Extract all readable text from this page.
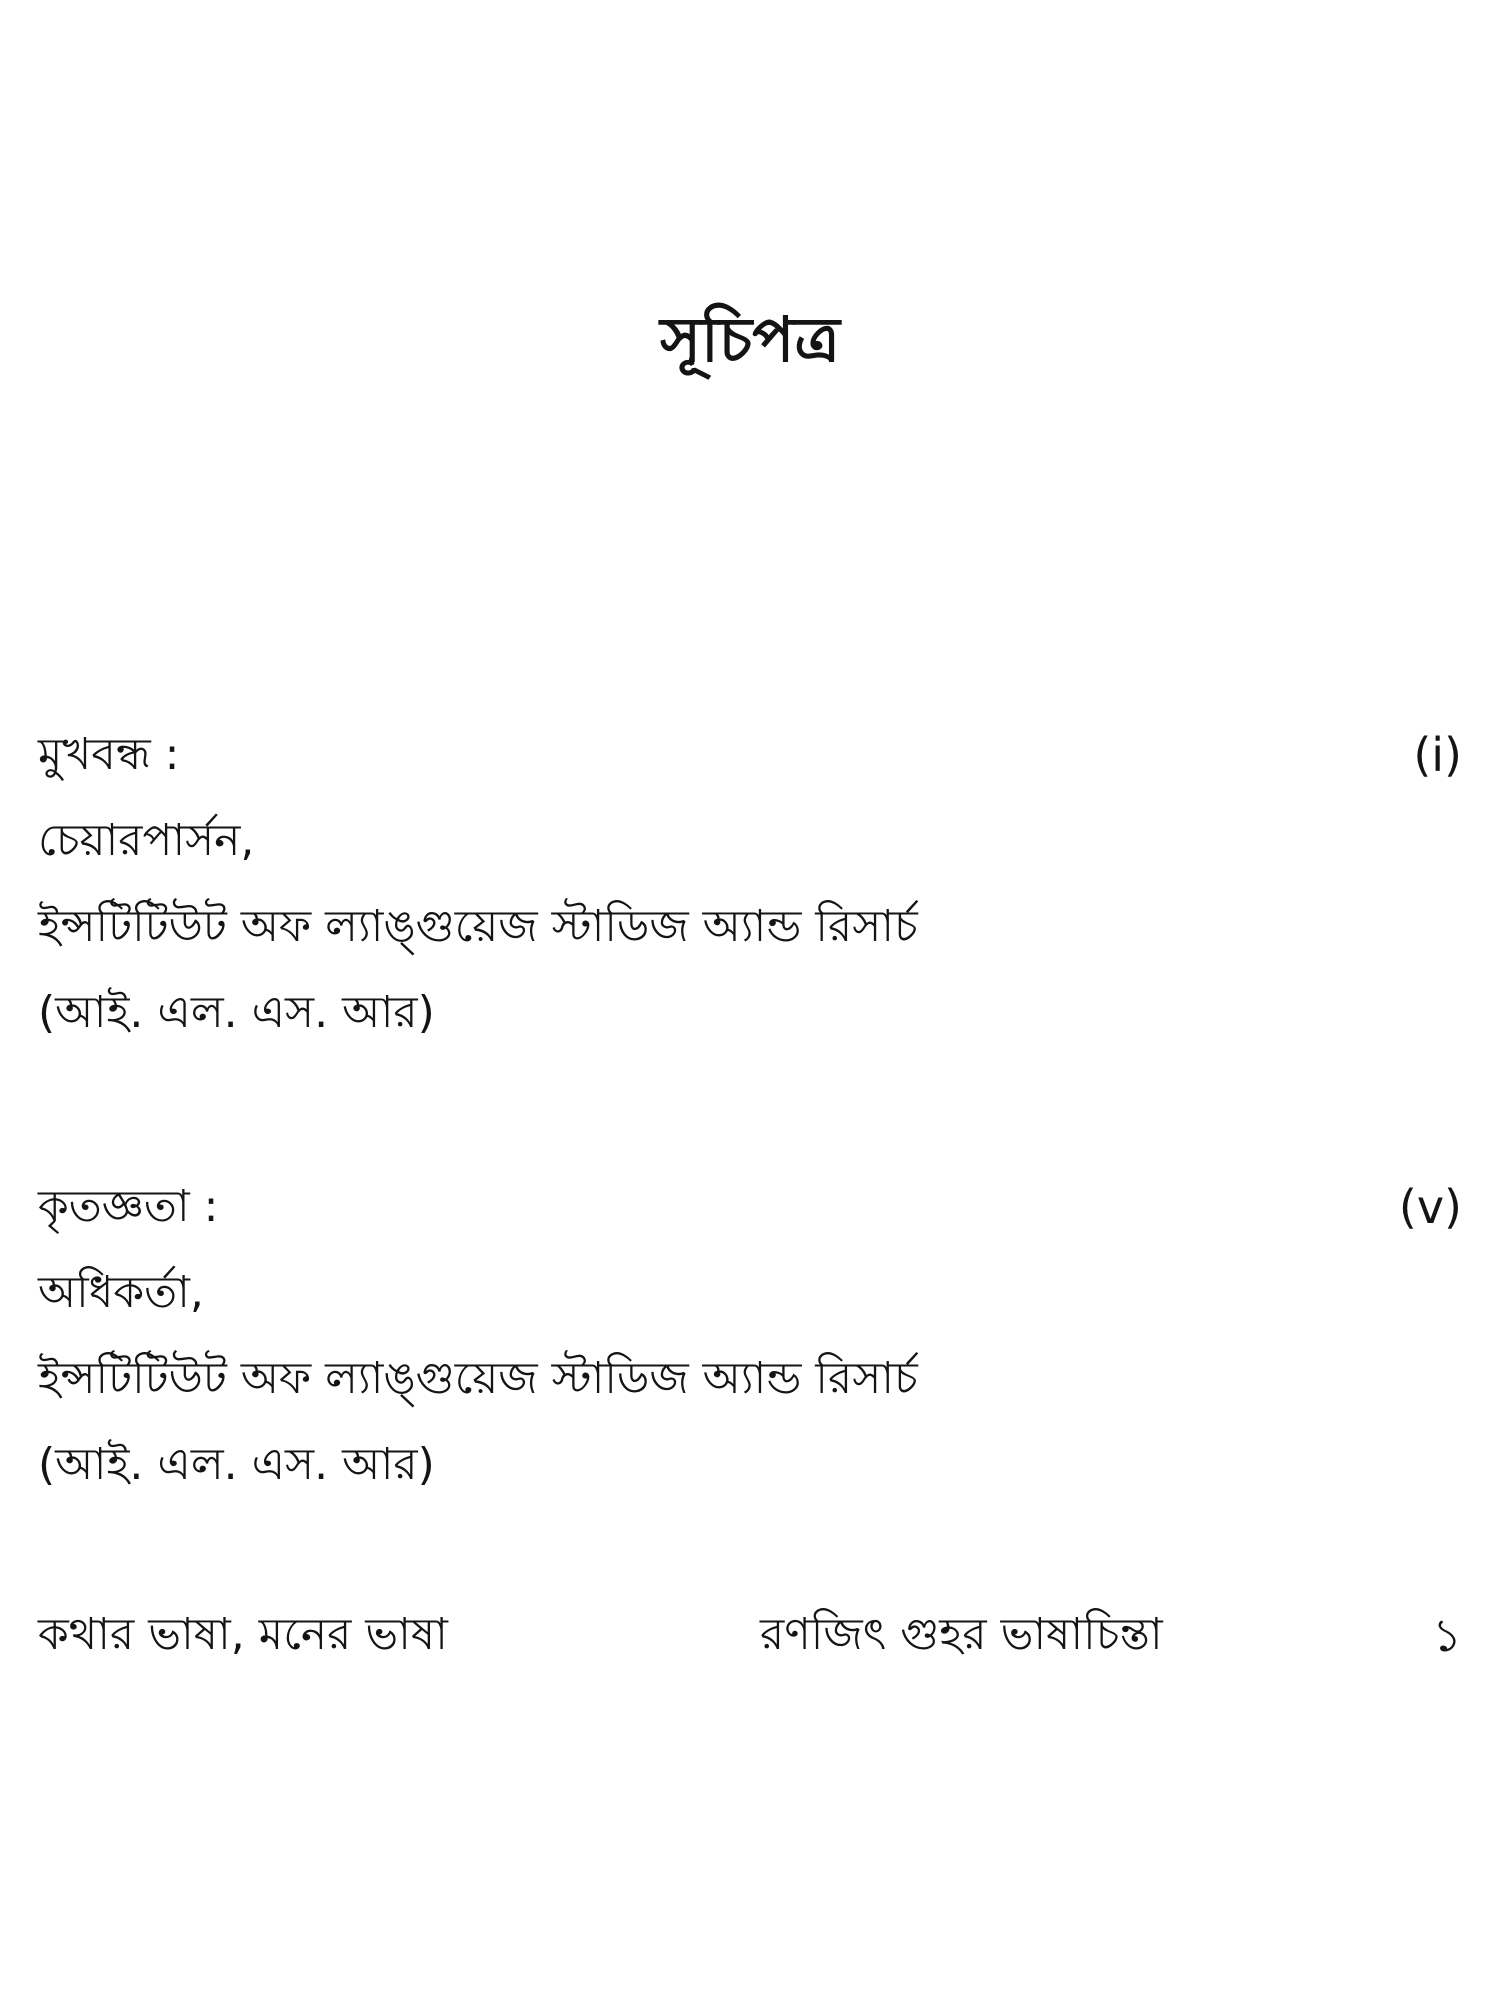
সূচিপত্র
মুখবন্ধ :	(i)
চেয়ারপার্সন,
ইন্সটিটিউট অফ ল্যাঙ্গুয়েজ স্টাডিজ অ্যান্ড রিসার্চ
(আই. এল. এস. আর)
কৃতজ্ঞতা :	(v)
অধিকর্তা,
ইন্সটিটিউট অফ ল্যাঙ্গুয়েজ স্টাডিজ অ্যান্ড রিসার্চ
(আই. এল. এস. আর)
কথার ভাষা, মনের ভাষা	রণজিৎ গুহর ভাষাচিন্তা	১
